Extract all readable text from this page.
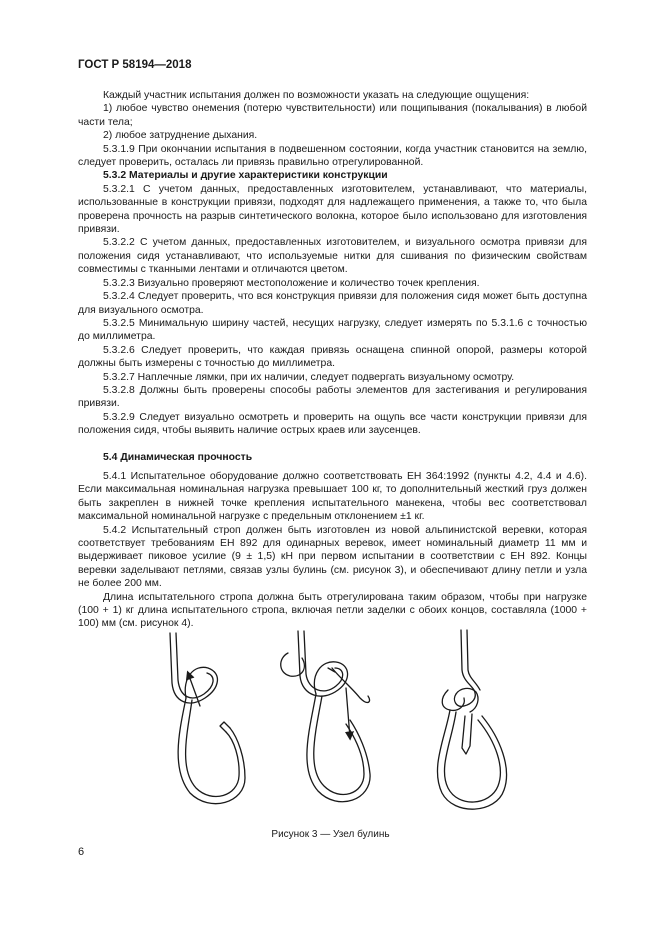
ГОСТ Р 58194—2018

Каждый участник испытания должен по возможности указать на следующие ощущения:

1) любое чувство онемения (потерю чувствительности) или пощипывания (покалывания) в любой части тела;

2) любое затруднение дыхания.

5.3.1.9 При окончании испытания в подвешенном состоянии, когда участник становится на землю, следует проверить, осталась ли привязь правильно отрегулированной.

5.3.2 Материалы и другие характеристики конструкции

5.3.2.1 С учетом данных, предоставленных изготовителем, устанавливают, что материалы, использованные в конструкции привязи, подходят для надлежащего применения, а также то, что была проверена прочность на разрыв синтетического волокна, которое было использовано для изготовления привязи.

5.3.2.2 С учетом данных, предоставленных изготовителем, и визуального осмотра привязи для положения сидя устанавливают, что используемые нитки для сшивания по физическим свойствам совместимы с тканными лентами и отличаются цветом.

5.3.2.3 Визуально проверяют местоположение и количество точек крепления.

5.3.2.4 Следует проверить, что вся конструкция привязи для положения сидя может быть доступна для визуального осмотра.

5.3.2.5 Минимальную ширину частей, несущих нагрузку, следует измерять по 5.3.1.6 с точностью до миллиметра.

5.3.2.6 Следует проверить, что каждая привязь оснащена спинной опорой, размеры которой должны быть измерены с точностью до миллиметра.

5.3.2.7 Наплечные лямки, при их наличии, следует подвергать визуальному осмотру.

5.3.2.8 Должны быть проверены способы работы элементов для застегивания и регулирования привязи.

5.3.2.9 Следует визуально осмотреть и проверить на ощупь все части конструкции привязи для положения сидя, чтобы выявить наличие острых краев или заусенцев.

5.4 Динамическая прочность

5.4.1 Испытательное оборудование должно соответствовать ЕН 364:1992 (пункты 4.2, 4.4 и 4.6). Если максимальная номинальная нагрузка превышает 100 кг, то дополнительный жесткий груз должен быть закреплен в нижней точке крепления испытательного манекена, чтобы вес соответствовал максимальной номинальной нагрузке с предельным отклонением ±1 кг.

5.4.2 Испытательный строп должен быть изготовлен из новой альпинистской веревки, которая соответствует требованиям ЕН 892 для одинарных веревок, имеет номинальный диаметр 11 мм и выдерживает пиковое усилие (9 ± 1,5) кН при первом испытании в соответствии с ЕН 892. Концы веревки заделывают петлями, связав узлы булинь (см. рисунок 3), и обеспечивают длину петли и узла не более 200 мм.

Длина испытательного стропа должна быть отрегулирована таким образом, чтобы при нагрузке (100 + 1) кг длина испытательного стропа, включая петли заделки с обоих концов, составляла (1000 + 100) мм (см. рисунок 4).

Рисунок 3 — Узел булинь
6
